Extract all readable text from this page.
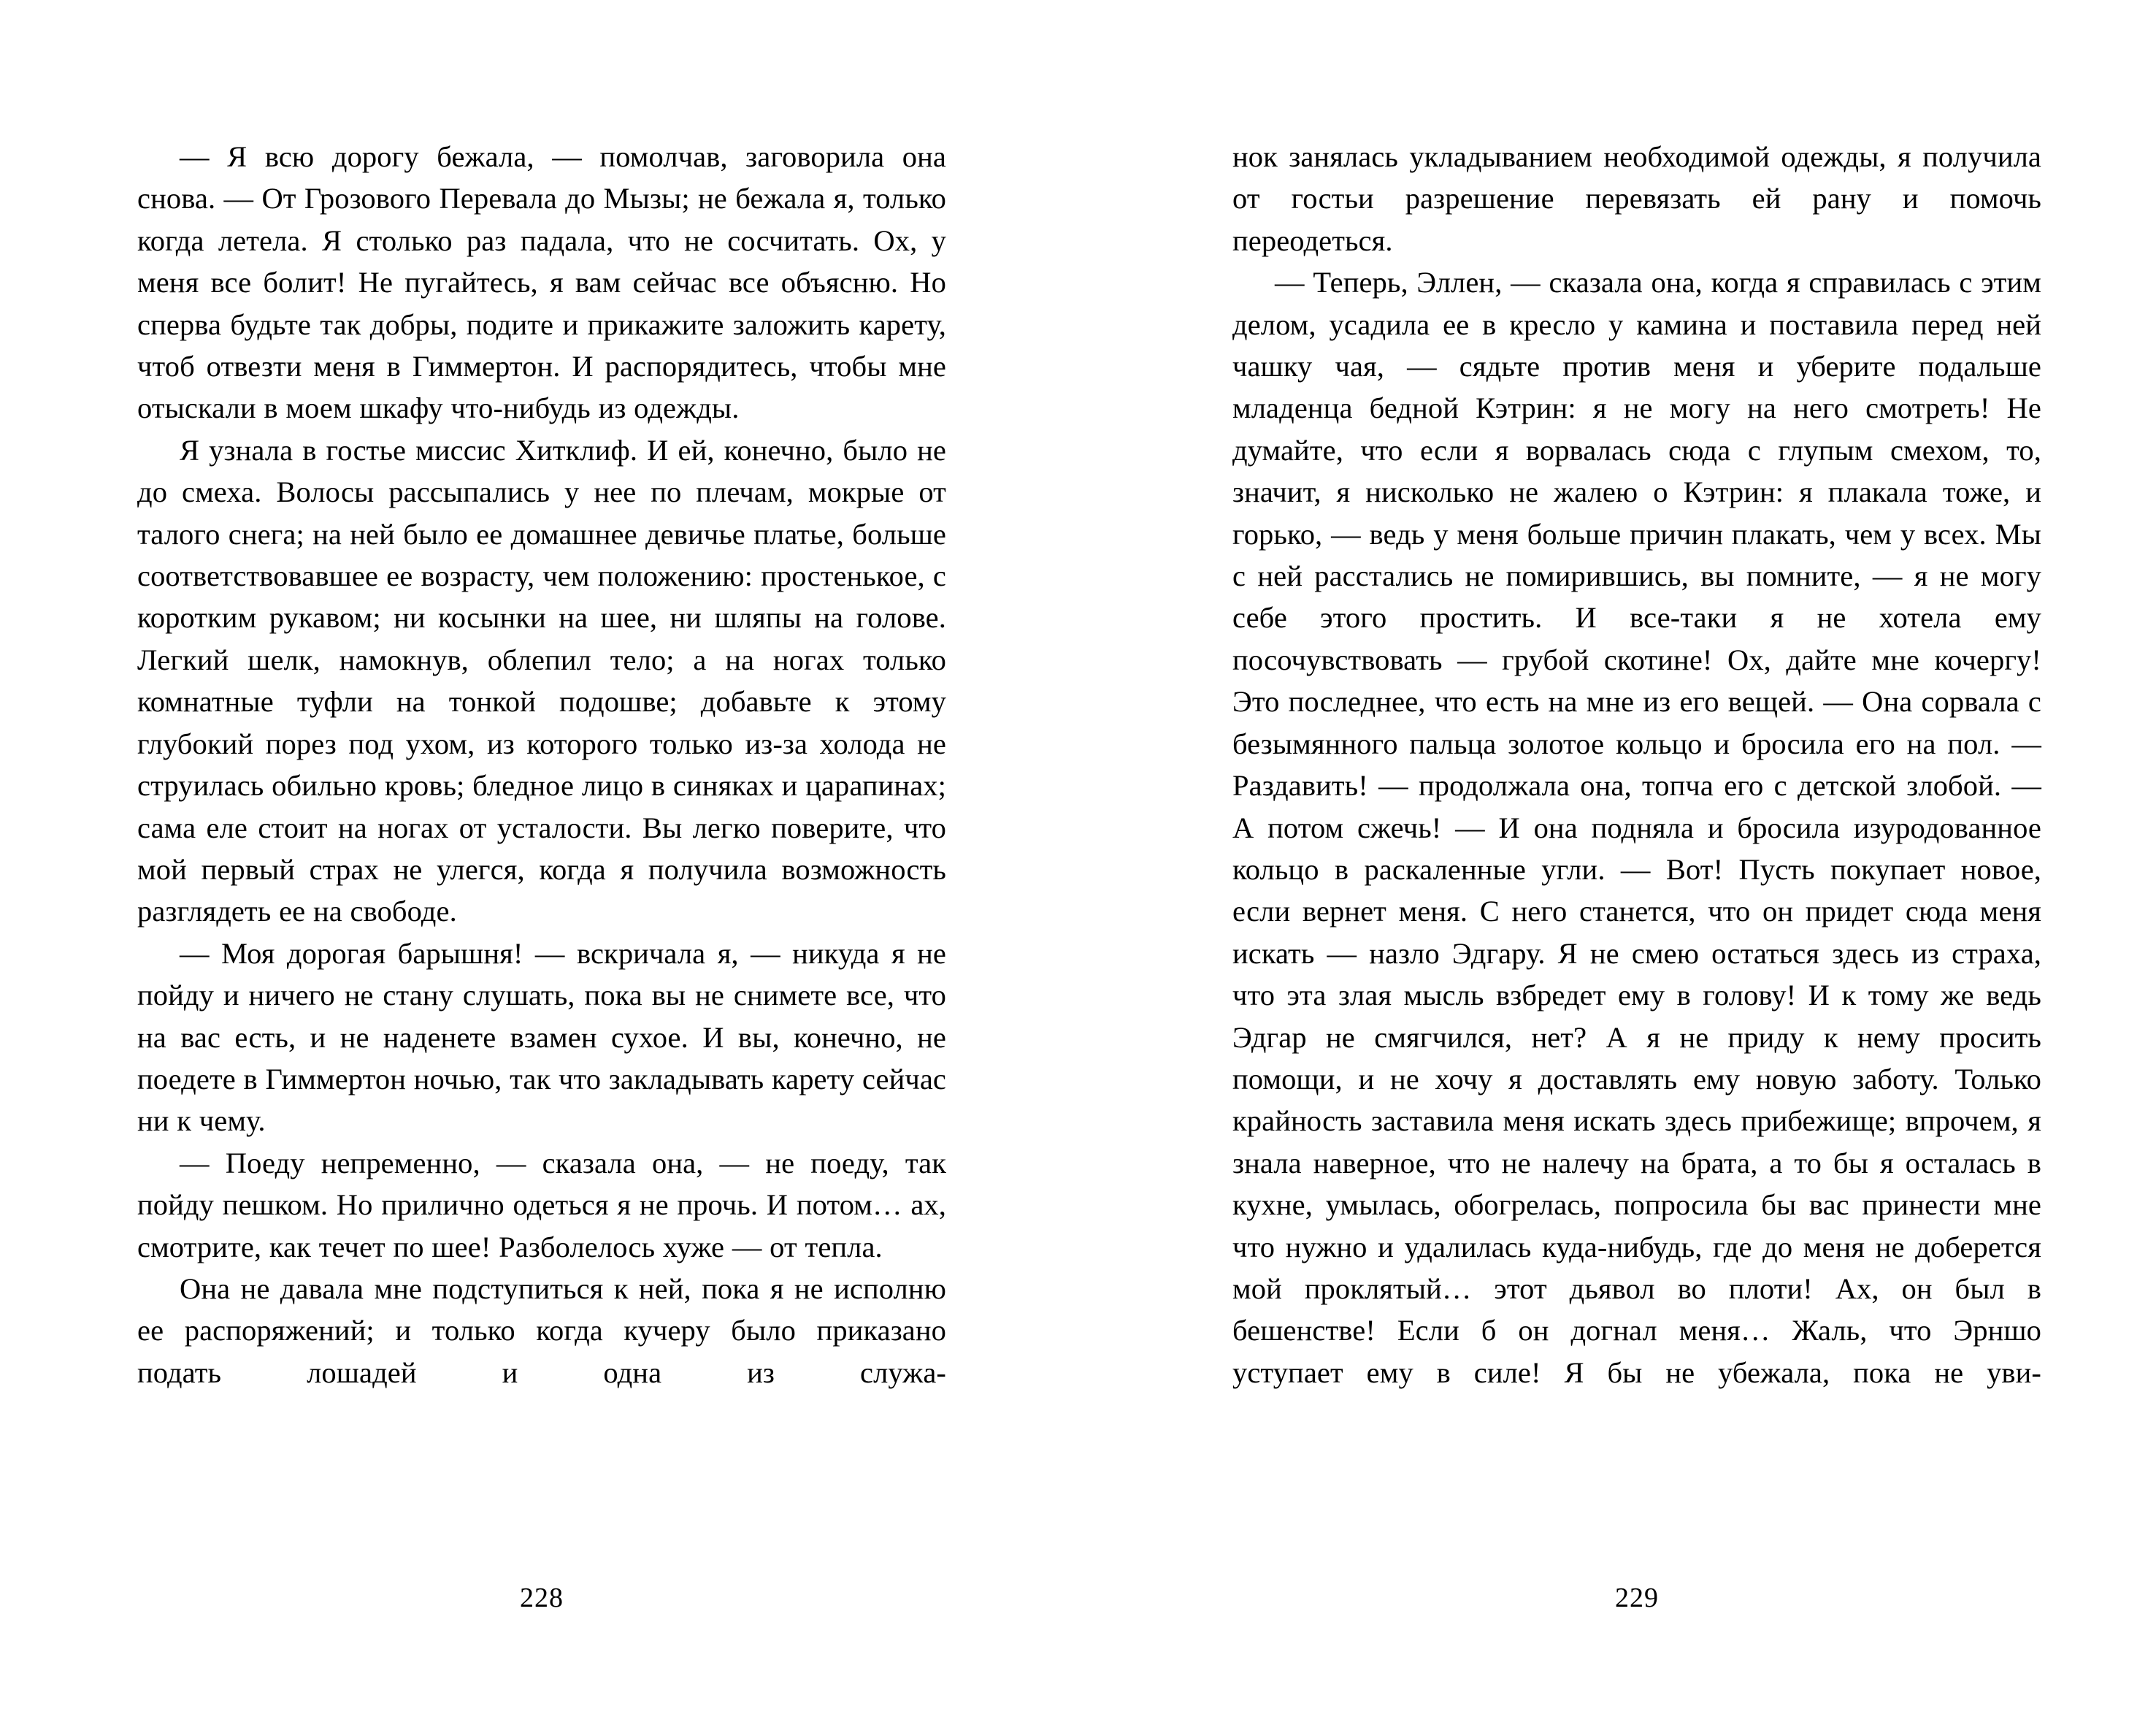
— Я всю дорогу бежала, — помолчав, заговорила она снова. — От Грозового Перевала до Мызы; не бежала я, только когда летела. Я столько раз падала, что не сосчитать. Ох, у меня все болит! Не пугайтесь, я вам сейчас все объясню. Но сперва будьте так добры, подите и прикажите заложить карету, чтоб отвезти меня в Гиммертон. И распорядитесь, чтобы мне отыскали в моем шкафу что-нибудь из одежды.

Я узнала в гостье миссис Хитклиф. И ей, конечно, было не до смеха. Волосы рассыпались у нее по плечам, мокрые от талого снега; на ней было ее домашнее девичье платье, больше соответствовавшее ее возрасту, чем положению: простенькое, с коротким рукавом; ни косынки на шее, ни шляпы на голове. Легкий шелк, намокнув, облепил тело; а на ногах только комнатные туфли на тонкой подошве; добавьте к этому глубокий порез под ухом, из которого только из-за холода не струилась обильно кровь; бледное лицо в синяках и царапинах; сама еле стоит на ногах от усталости. Вы легко поверите, что мой первый страх не улегся, когда я получила возможность разглядеть ее на свободе.

— Моя дорогая барышня! — вскричала я, — никуда я не пойду и ничего не стану слушать, пока вы не снимете все, что на вас есть, и не наденете взамен сухое. И вы, конечно, не поедете в Гиммертон ночью, так что закладывать карету сейчас ни к чему.

— Поеду непременно, — сказала она, — не поеду, так пойду пешком. Но прилично одеться я не прочь. И потом… ах, смотрите, как течет по шее! Разболелось хуже — от тепла.

Она не давала мне подступиться к ней, пока я не исполню ее распоряжений; и только когда кучеру было приказано подать лошадей и одна из служа-

228

нок занялась укладыванием необходимой одежды, я получила от гостьи разрешение перевязать ей рану и помочь переодеться.

— Теперь, Эллен, — сказала она, когда я справилась с этим делом, усадила ее в кресло у камина и поставила перед ней чашку чая, — сядьте против меня и уберите подальше младенца бедной Кэтрин: я не могу на него смотреть! Не думайте, что если я ворвалась сюда с глупым смехом, то, значит, я нисколько не жалею о Кэтрин: я плакала тоже, и горько, — ведь у меня больше причин плакать, чем у всех. Мы с ней расстались не помирившись, вы помните, — я не могу себе этого простить. И все-таки я не хотела ему посочувствовать — грубой скотине! Ох, дайте мне кочергу! Это последнее, что есть на мне из его вещей. — Она сорвала с безымянного пальца золотое кольцо и бросила его на пол. — Раздавить! — продолжала она, топча его с детской злобой. — А потом сжечь! — И она подняла и бросила изуродованное кольцо в раскаленные угли. — Вот! Пусть покупает новое, если вернет меня. С него станется, что он придет сюда меня искать — назло Эдгару. Я не смею остаться здесь из страха, что эта злая мысль взбредет ему в голову! И к тому же ведь Эдгар не смягчился, нет? А я не приду к нему просить помощи, и не хочу я доставлять ему новую заботу. Только крайность заставила меня искать здесь прибежище; впрочем, я знала наверное, что не налечу на брата, а то бы я осталась в кухне, умылась, обогрелась, попросила бы вас принести мне что нужно и удалилась куда-нибудь, где до меня не доберется мой проклятый… этот дьявол во плоти! Ах, он был в бешенстве! Если б он догнал меня… Жаль, что Эрншо уступает ему в силе! Я бы не убежала, пока не уви-

229
